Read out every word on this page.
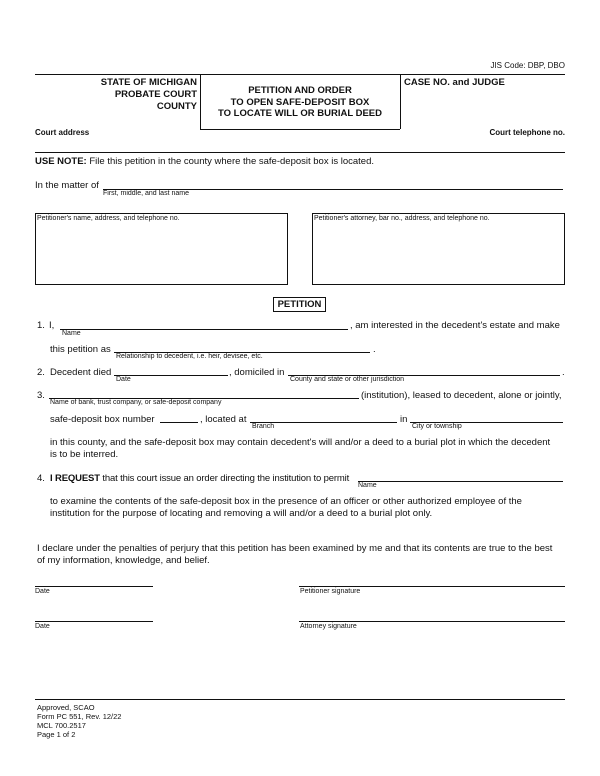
JIS Code: DBP, DBO
STATE OF MICHIGAN
PROBATE COURT
COUNTY
PETITION AND ORDER
TO OPEN SAFE-DEPOSIT BOX
TO LOCATE WILL OR BURIAL DEED
CASE NO. and JUDGE
Court address	Court telephone no.
USE NOTE: File this petition in the county where the safe-deposit box is located.
In the matter of
First, middle, and last name
Petitioner's name, address, and telephone no.	Petitioner's attorney, bar no., address, and telephone no.
PETITION
1. I,
Name
, am interested in the decedent's estate and make
this petition as
Relationship to decedent, i.e. heir, devisee, etc.
.
2. Decedent died
Date
, domiciled in
County and state or other jurisdiction
.
3.
Name of bank, trust company, or safe-deposit company
(institution), leased to decedent, alone or jointly,
safe-deposit box number	, located at
Branch
in
City or township
in this county, and the safe-deposit box may contain decedent's will and/or a deed to a burial plot in which the decedent
is to be interred.
4. I REQUEST that this court issue an order directing the institution to permit
Name
to examine the contents of the safe-deposit box in the presence of an officer or other authorized employee of the
institution for the purpose of locating and removing a will and/or a deed to a burial plot only.
I declare under the penalties of perjury that this petition has been examined by me and that its contents are true to the best
of my information, knowledge, and belief.
Date	Petitioner signature
Date	Attorney signature
Approved, SCAO
Form PC 551, Rev. 12/22
MCL 700.2517
Page 1 of 2
